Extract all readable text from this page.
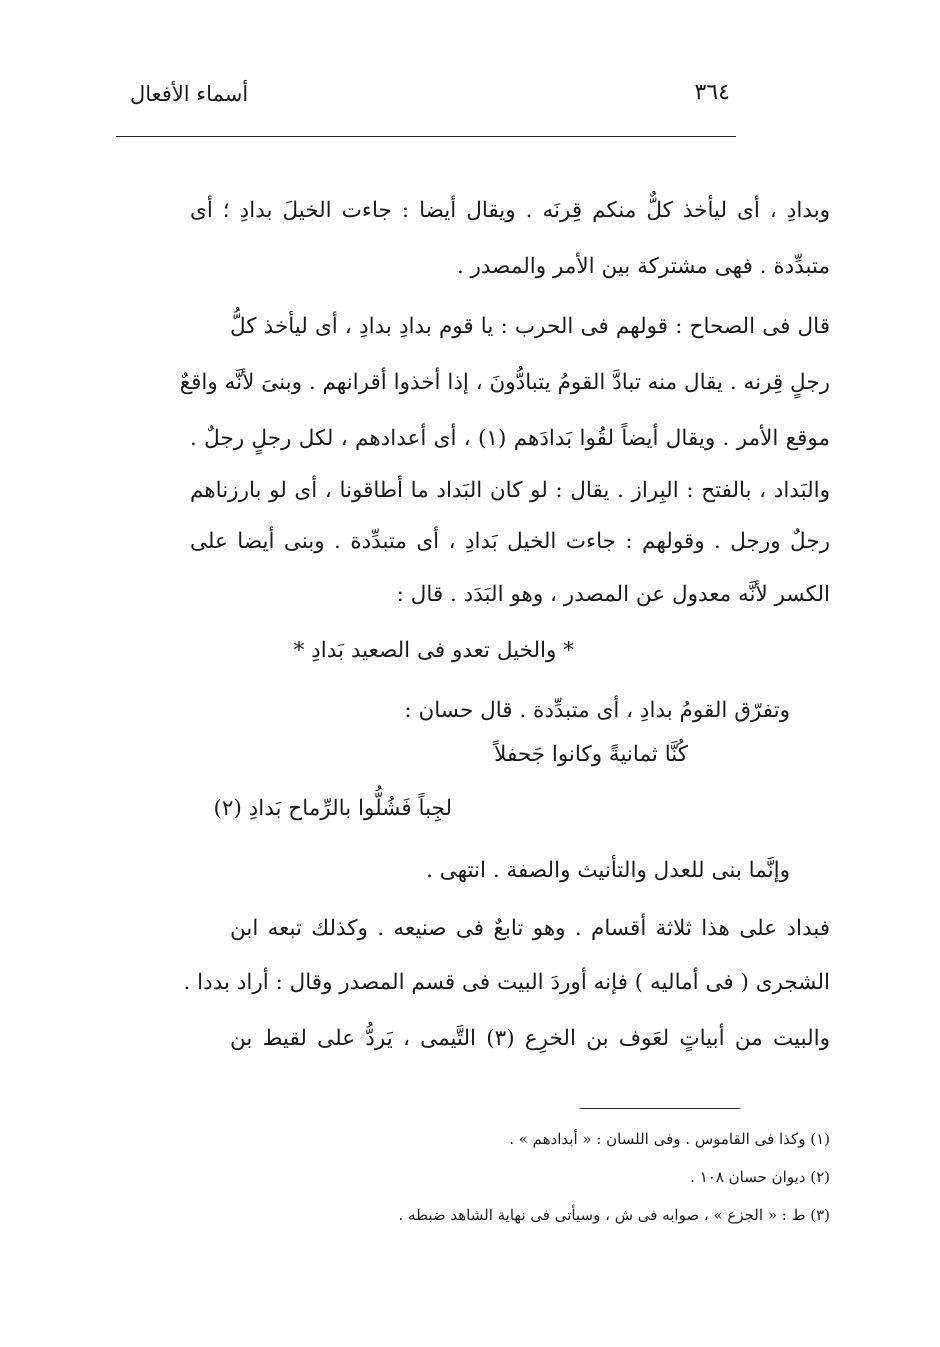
٣٦٤
أسماء الأفعال
وبدادِ ، أى ليأخذ كلٌّ منكم قِرنَه . ويقال أيضا : جاءت الخيلَ بدادِ ؛ أى
متبدِّدة . فهى مشتركة بين الأمر والمصدر .
قال فى الصحاح : قولهم فى الحرب : يا قوم بدادِ بدادِ ، أى ليأخذ كلُّ
رجلٍ قِرنه . يقال منه تبادَّ القومُ يتبادُّونَ ، إذا أخذوا أقرانهم . وبنىَ لأنَّه واقعٌ
موقع الأمر . ويقال أيضاً لقُوا بَدادَهم (١) ، أى أعدادهم ، لكل رجلٍ رجلٌ .
والبَداد ، بالفتح : البِراز . يقال : لو كان البَداد ما أطاقونا ، أى لو بارزناهم
رجلٌ ورجل . وقولهم : جاءت الخيل بَدادِ ، أى متبدِّدة . وبنى أيضا على
الكسر لأنَّه معدول عن المصدر ، وهو البَدَد . قال :
* والخيل تعدو فى الصعيد بَدادِ *
وتفرّق القومُ بدادِ ، أى متبدِّدة . قال حسان :
كُنَّا ثمانيةً وكانوا جَحفلاً
لجِباً فَشُلُّوا بالرِّماح بَدادِ (٢)
وإنَّما بنى للعدل والتأنيث والصفة . انتهى .
فبداد على هذا ثلاثة أقسام . وهو تابعٌ فى صنيعه . وكذلك تبعه ابن
الشجرى ( فى أماليه ) فإنه أوردَ البيت فى قسم المصدر وقال : أراد بددا .
والبيت من أبياتٍ لعَوف بن الخرِع (٣) التَّيمى ، يَردُّ على لقيط بن
(١) وكذا فى القاموس . وفى اللسان : « أبدادهم » .
(٢) ديوان حسان ١٠٨ .
(٣) ط : « الجزع » ، صوابه فى ش ، وسيأتى فى نهاية الشاهد ضبطه .
